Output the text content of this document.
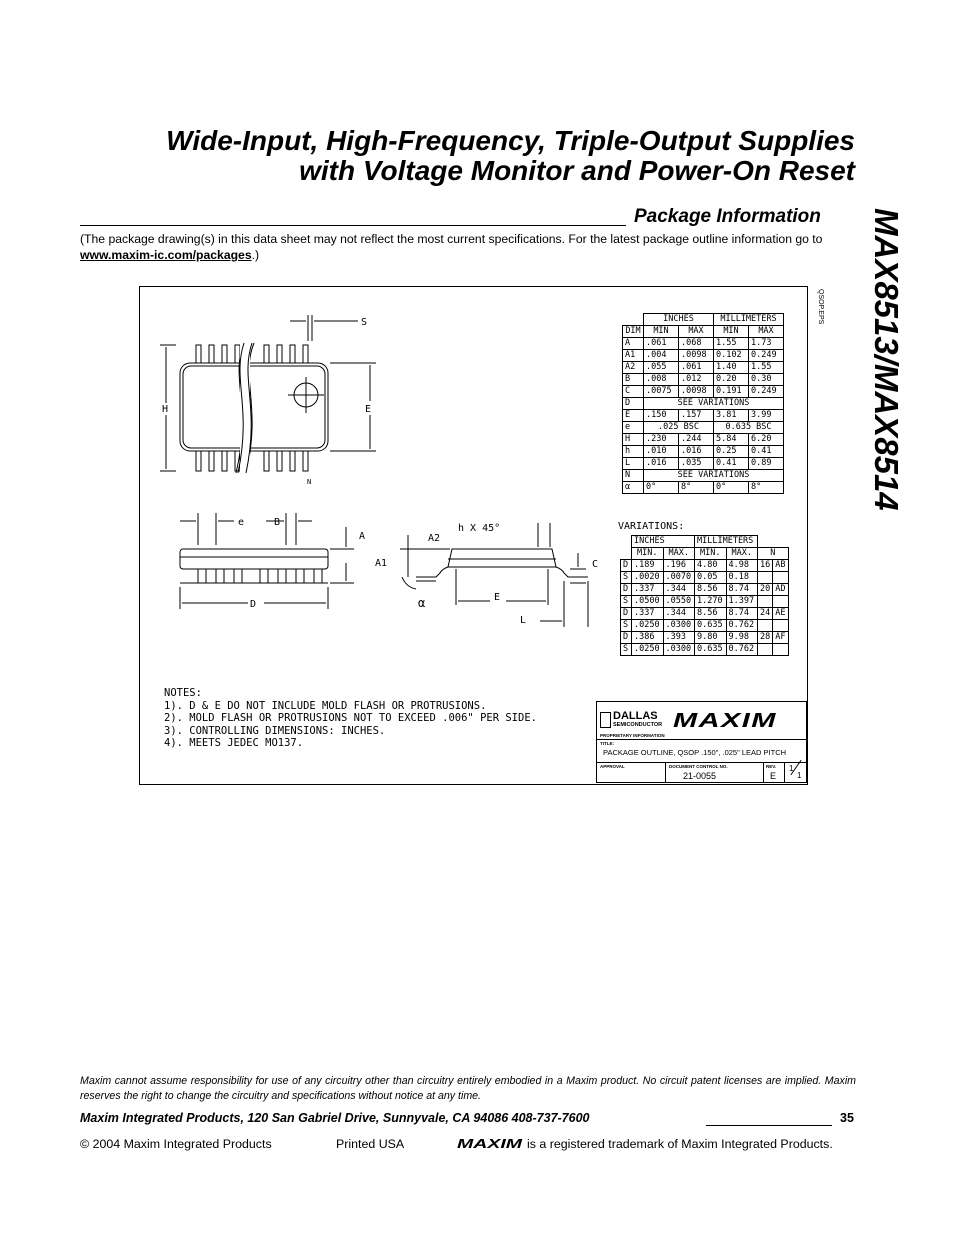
Wide-Input, High-Frequency, Triple-Output Supplies
with Voltage Monitor and Power-On Reset
MAX8513/MAX8514
Package Information
(The package drawing(s) in this data sheet may not reflect the most current specifications. For the latest package outline information go to www.maxim-ic.com/packages.)
QSOP.EPS
S
H	E
N
e	B
A
A1
D
A2
h X 45°
E
L
C
α
	INCHES		MILLIMETERS	
DIM	MIN	MAX	MIN	MAX
A	.061	.068	1.55	1.73
A1	.004	.0098	0.102	0.249
A2	.055	.061	1.40	1.55
B	.008	.012	0.20	0.30
C	.0075	.0098	0.191	0.249
D	SEE VARIATIONS			
E	.150	.157	3.81	3.99
e	.025 BSC		0.635 BSC	
H	.230	.244	5.84	6.20
h	.010	.016	0.25	0.41
L	.016	.035	0.41	0.89
N	SEE VARIATIONS			
α	0°	8°	0°	8°
VARIATIONS:
	INCHES		MILLIMETERS			
	MIN.	MAX.	MIN.	MAX.	N	
D	.189	.196	4.80	4.98	16	AB
S	.0020	.0070	0.05	0.18		
D	.337	.344	8.56	8.74	20	AD
S	.0500	.0550	1.270	1.397		
D	.337	.344	8.56	8.74	24	AE
S	.0250	.0300	0.635	0.762		
D	.386	.393	9.80	9.98	28	AF
S	.0250	.0300	0.635	0.762		
NOTES:
1). D & E DO NOT INCLUDE MOLD FLASH OR PROTRUSIONS.
2). MOLD FLASH OR PROTRUSIONS NOT TO EXCEED .006" PER SIDE.
3). CONTROLLING DIMENSIONS: INCHES.
4). MEETS JEDEC MO137.
DALLAS
SEMICONDUCTOR MAXIM
PROPRIETARY INFORMATION
TITLE:
PACKAGE OUTLINE, QSOP .150", .025" LEAD PITCH
APPROVAL	DOCUMENT CONTROL NO.
21-0055
REV.
E
1
1
Maxim cannot assume responsibility for use of any circuitry other than circuitry entirely embodied in a Maxim product. No circuit patent licenses are implied. Maxim reserves the right to change the circuitry and specifications without notice at any time.
Maxim Integrated Products, 120 San Gabriel Drive, Sunnyvale, CA 94086 408-737-7600	35
© 2004 Maxim Integrated Products	Printed USA	MAXIM is a registered trademark of Maxim Integrated Products.
